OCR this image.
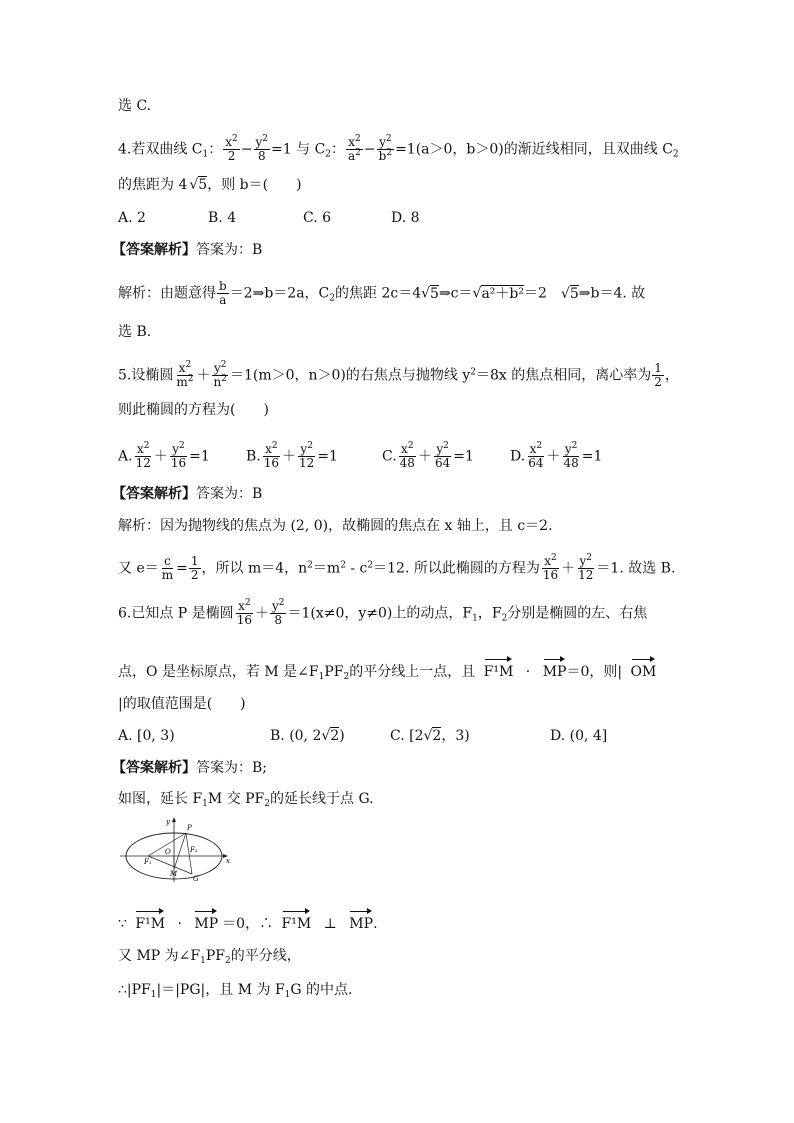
选 C.
4.若双曲线 $C_1$： $\frac{x^2}{2} - \frac{y^2}{8} =1$ 与 $C_2$： $\frac{x^2}{a^2} - \frac{y^2}{b^2} =1(a>0$，b＞0)的渐近线相同，且双曲线 $C_2$
的焦距为 4 √5，则 b＝(　　)
A. 2	B. 4	C. 6	D. 8
【答案解析】答案为：B
解析：由题意得 $\frac{b}{a}$ ＝2⇒b＝2a，$C_2$的焦距 2c＝4√5⇒c＝√a²＋b²＝2 √5⇒b＝4. 故
选 B.
5.设椭圆 $\frac{x^2}{m^2} + \frac{y^2}{n^2} =1(m>0$，n＞0)的右焦点与抛物线 $y^2=8x$ 的焦点相同，离心率为 $\frac{1}{2}$ ，
则此椭圆的方程为(　　)
A. $\frac{x^2}{12} + \frac{y^2}{16} =1$	B. $\frac{x^2}{16} + \frac{y^2}{12} =1$	C. $\frac{x^2}{48} + \frac{y^2}{64} =1$	D. $\frac{x^2}{64} + \frac{y^2}{48} =1$
【答案解析】答案为：B
解析：因为抛物线的焦点为 (2, 0)，故椭圆的焦点在 x 轴上，且 c＝2.
又 $e= \frac{c}{m} = \frac{1}{2}$ ，所以 m＝4，$n^2=m^2 - c^2=12$. 所以此椭圆的方程为 $\frac{x^2}{16} + \frac{y^2}{12} =1$. 故选 B.
6.已知点 P 是椭圆 $\frac{x^2}{16} + \frac{y^2}{8} =1(x\ne 0$，y≠0)上的动点，$F_1$，$F_2$分别是椭圆的左、右焦
点，O 是坐标原点，若 M 是$\angle F_1PF_2$的平分线上一点，且 F¹M · MP＝0，则| OM
|的取值范围是(　　)
A. [0, 3)	B. (0, 2√2)	C. [2√2，3)	D. (0, 4]
【答案解析】答案为：B;
如图，延长 $F_1M$ 交 $PF_2$的延长线于点 G.
y
x
P
O
F₁
F₂
M
G
∵ F¹M · MP ＝0，∴ F¹M ⊥ MP.
又 MP 为$\angle F_1PF_2$的平分线，
$\therefore|PF_1|=|PG|$，且 M 为 $F_1G$ 的中点.
